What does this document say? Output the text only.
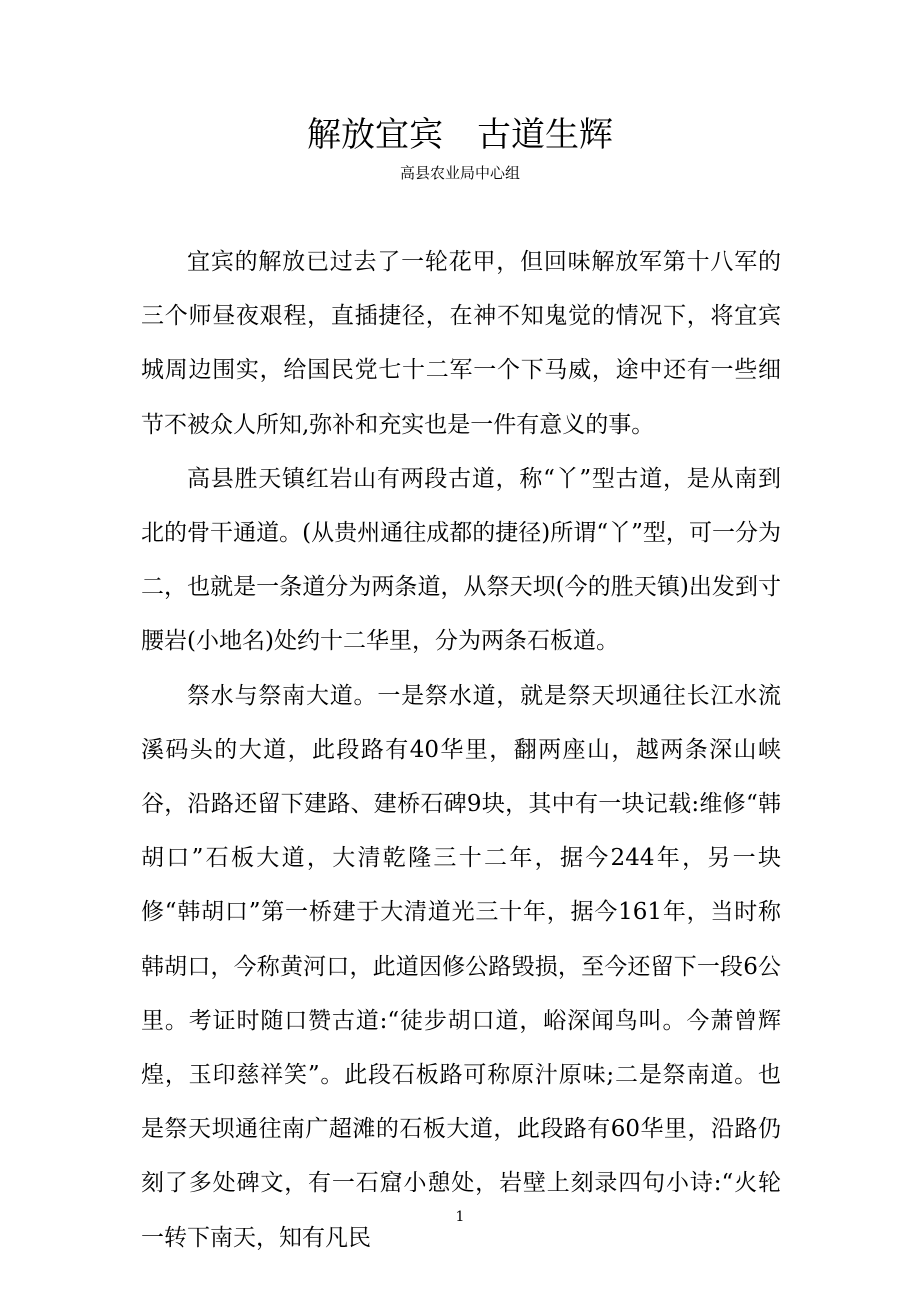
解放宜宾　古道生辉
高县农业局中心组

宜宾的解放已过去了一轮花甲，但回味解放军第十八军的三个师昼夜艰程，直插捷径，在神不知鬼觉的情况下，将宜宾城周边围实，给国民党七十二军一个下马威，途中还有一些细节不被众人所知,弥补和充实也是一件有意义的事。

高县胜天镇红岩山有两段古道，称“丫”型古道，是从南到北的骨干通道。(从贵州通往成都的捷径)所谓“丫”型，可一分为二，也就是一条道分为两条道，从祭天坝(今的胜天镇)出发到寸腰岩(小地名)处约十二华里，分为两条石板道。

祭水与祭南大道。一是祭水道，就是祭天坝通往长江水流溪码头的大道，此段路有40华里，翻两座山，越两条深山峡谷，沿路还留下建路、建桥石碑9块，其中有一块记载:维修“韩胡口”石板大道，大清乾隆三十二年，据今244年，另一块修“韩胡口”第一桥建于大清道光三十年，据今161年，当时称韩胡口，今称黄河口，此道因修公路毁损，至今还留下一段6公里。考证时随口赞古道:“徒步胡口道，峪深闻鸟叫。今萧曾辉煌，玉印慈祥笑”。此段石板路可称原汁原味;二是祭南道。也是祭天坝通往南广超滩的石板大道，此段路有60华里，沿路仍刻了多处碑文，有一石窟小憩处，岩壁上刻录四句小诗:“火轮一转下南天，知有凡民

1
